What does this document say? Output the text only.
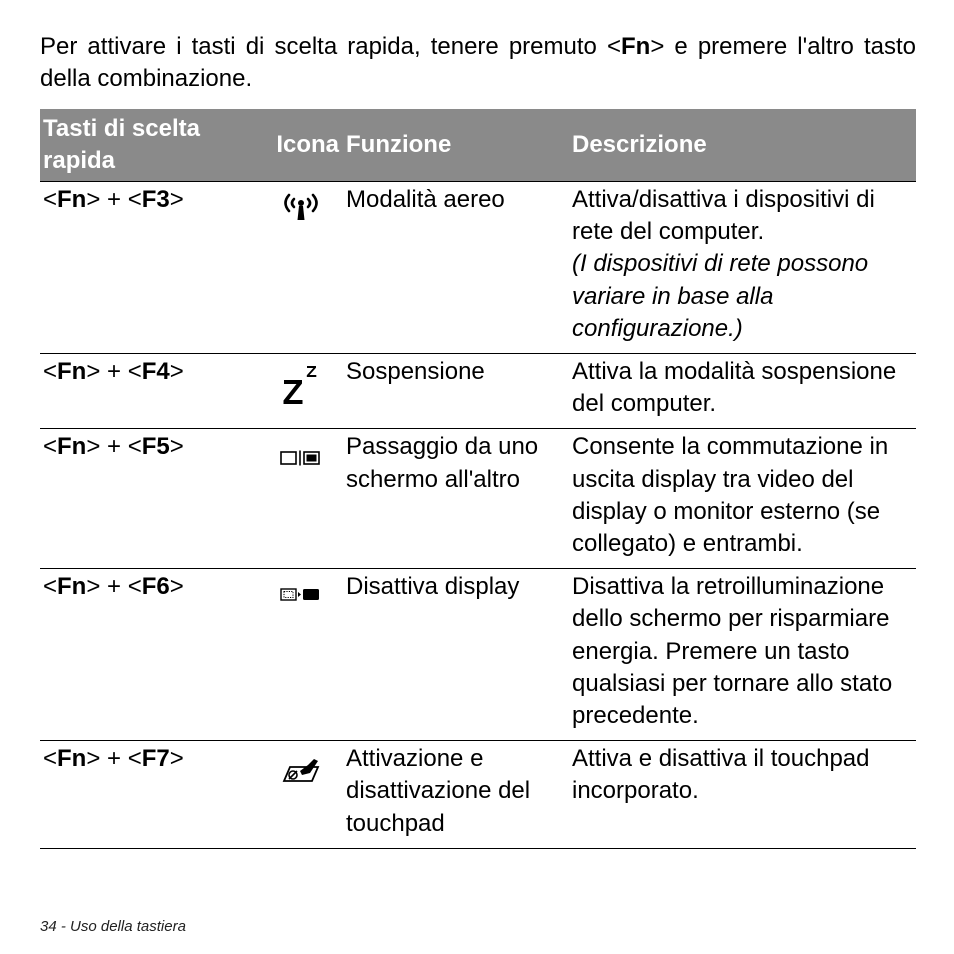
Per attivare i tasti di scelta rapida, tenere premuto <Fn> e premere l'altro tasto della combinazione.

Tasti di scelta rapida	Icona	Funzione	Descrizione
<Fn> + <F3>		Modalità aereo	Attiva/disattiva i dispositivi di rete del computer.
(I dispositivi di rete possono variare in base alla configurazione.)

<Fn> + <F4>		Sospensione	Attiva la modalità sospensione del computer.
<Fn> + <F5>		Passaggio da uno schermo all'altro	Consente la commutazione in uscita display tra video del display o monitor esterno (se collegato) e entrambi.
<Fn> + <F6>		Disattiva display	Disattiva la retroilluminazione dello schermo per risparmiare energia. Premere un tasto qualsiasi per tornare allo stato precedente.
<Fn> + <F7>		Attivazione e disattivazione del touchpad	Attiva e disattiva il touchpad incorporato.
34 - Uso della tastiera
